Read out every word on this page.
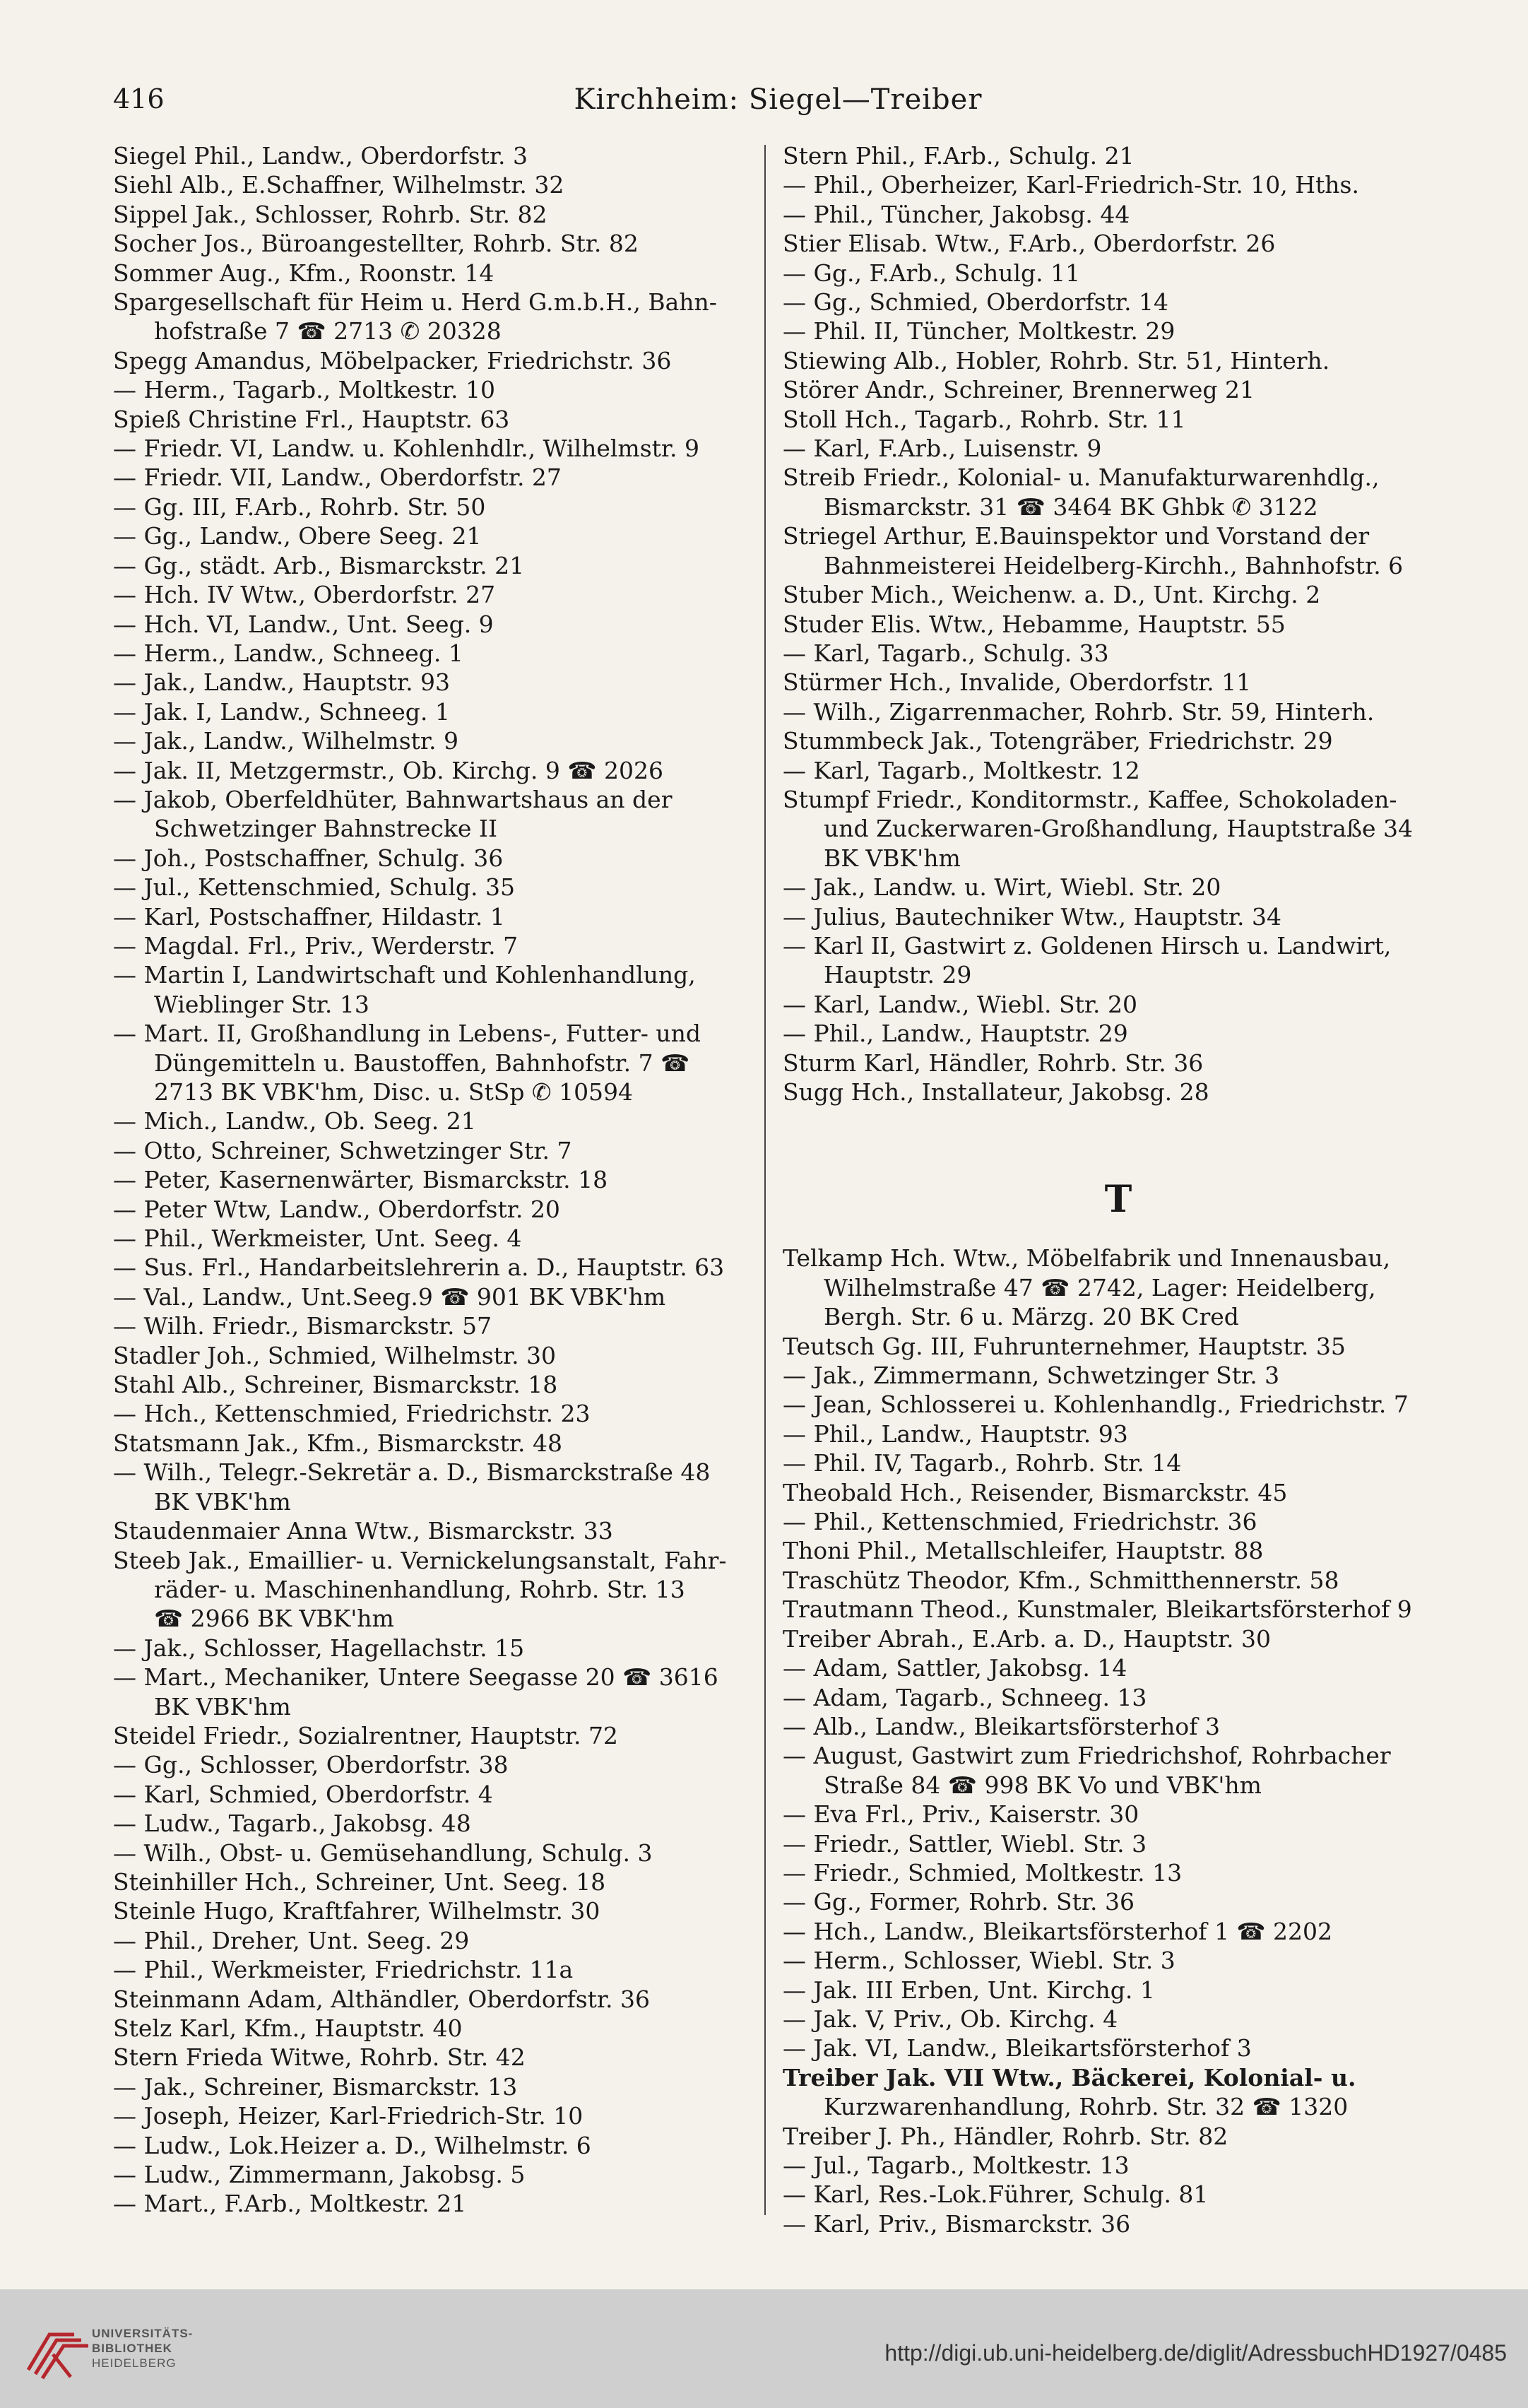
416	Kirchheim: Siegel—Treiber
Siegel Phil., Landw., Oberdorfstr. 3
Siehl Alb., E.Schaffner, Wilhelmstr. 32
Sippel Jak., Schlosser, Rohrb. Str. 82
Socher Jos., Büroangestellter, Rohrb. Str. 82
Sommer Aug., Kfm., Roonstr. 14
Spargesellschaft für Heim u. Herd G.m.b.H., Bahn-
hofstraße 7 ☎ 2713 ✆ 20328
Spegg Amandus, Möbelpacker, Friedrichstr. 36
— Herm., Tagarb., Moltkestr. 10
Spieß Christine Frl., Hauptstr. 63
— Friedr. VI, Landw. u. Kohlenhdlr., Wilhelmstr. 9
— Friedr. VII, Landw., Oberdorfstr. 27
— Gg. III, F.Arb., Rohrb. Str. 50
— Gg., Landw., Obere Seeg. 21
— Gg., städt. Arb., Bismarckstr. 21
— Hch. IV Wtw., Oberdorfstr. 27
— Hch. VI, Landw., Unt. Seeg. 9
— Herm., Landw., Schneeg. 1
— Jak., Landw., Hauptstr. 93
— Jak. I, Landw., Schneeg. 1
— Jak., Landw., Wilhelmstr. 9
— Jak. II, Metzgermstr., Ob. Kirchg. 9 ☎ 2026
— Jakob, Oberfeldhüter, Bahnwartshaus an der
Schwetzinger Bahnstrecke II
— Joh., Postschaffner, Schulg. 36
— Jul., Kettenschmied, Schulg. 35
— Karl, Postschaffner, Hildastr. 1
— Magdal. Frl., Priv., Werderstr. 7
— Martin I, Landwirtschaft und Kohlenhandlung,
Wieblinger Str. 13
— Mart. II, Großhandlung in Lebens-, Futter- und
Düngemitteln u. Baustoffen, Bahnhofstr. 7 ☎
2713 BK VBK'hm, Disc. u. StSp ✆ 10594
— Mich., Landw., Ob. Seeg. 21
— Otto, Schreiner, Schwetzinger Str. 7
— Peter, Kasernenwärter, Bismarckstr. 18
— Peter Wtw, Landw., Oberdorfstr. 20
— Phil., Werkmeister, Unt. Seeg. 4
— Sus. Frl., Handarbeitslehrerin a. D., Hauptstr. 63
— Val., Landw., Unt.Seeg.9 ☎ 901 BK VBK'hm
— Wilh. Friedr., Bismarckstr. 57
Stadler Joh., Schmied, Wilhelmstr. 30
Stahl Alb., Schreiner, Bismarckstr. 18
— Hch., Kettenschmied, Friedrichstr. 23
Statsmann Jak., Kfm., Bismarckstr. 48
— Wilh., Telegr.-Sekretär a. D., Bismarckstraße 48
BK VBK'hm
Staudenmaier Anna Wtw., Bismarckstr. 33
Steeb Jak., Emaillier- u. Vernickelungsanstalt, Fahr-
räder- u. Maschinenhandlung, Rohrb. Str. 13
☎ 2966 BK VBK'hm
— Jak., Schlosser, Hagellachstr. 15
— Mart., Mechaniker, Untere Seegasse 20 ☎ 3616
BK VBK'hm
Steidel Friedr., Sozialrentner, Hauptstr. 72
— Gg., Schlosser, Oberdorfstr. 38
— Karl, Schmied, Oberdorfstr. 4
— Ludw., Tagarb., Jakobsg. 48
— Wilh., Obst- u. Gemüsehandlung, Schulg. 3
Steinhiller Hch., Schreiner, Unt. Seeg. 18
Steinle Hugo, Kraftfahrer, Wilhelmstr. 30
— Phil., Dreher, Unt. Seeg. 29
— Phil., Werkmeister, Friedrichstr. 11a
Steinmann Adam, Althändler, Oberdorfstr. 36
Stelz Karl, Kfm., Hauptstr. 40
Stern Frieda Witwe, Rohrb. Str. 42
— Jak., Schreiner, Bismarckstr. 13
— Joseph, Heizer, Karl-Friedrich-Str. 10
— Ludw., Lok.Heizer a. D., Wilhelmstr. 6
— Ludw., Zimmermann, Jakobsg. 5
— Mart., F.Arb., Moltkestr. 21
Stern Phil., F.Arb., Schulg. 21
— Phil., Oberheizer, Karl-Friedrich-Str. 10, Hths.
— Phil., Tüncher, Jakobsg. 44
Stier Elisab. Wtw., F.Arb., Oberdorfstr. 26
— Gg., F.Arb., Schulg. 11
— Gg., Schmied, Oberdorfstr. 14
— Phil. II, Tüncher, Moltkestr. 29
Stiewing Alb., Hobler, Rohrb. Str. 51, Hinterh.
Störer Andr., Schreiner, Brennerweg 21
Stoll Hch., Tagarb., Rohrb. Str. 11
— Karl, F.Arb., Luisenstr. 9
Streib Friedr., Kolonial- u. Manufakturwarenhdlg.,
Bismarckstr. 31 ☎ 3464 BK Ghbk ✆ 3122
Striegel Arthur, E.Bauinspektor und Vorstand der
Bahnmeisterei Heidelberg-Kirchh., Bahnhofstr. 6
Stuber Mich., Weichenw. a. D., Unt. Kirchg. 2
Studer Elis. Wtw., Hebamme, Hauptstr. 55
— Karl, Tagarb., Schulg. 33
Stürmer Hch., Invalide, Oberdorfstr. 11
— Wilh., Zigarrenmacher, Rohrb. Str. 59, Hinterh.
Stummbeck Jak., Totengräber, Friedrichstr. 29
— Karl, Tagarb., Moltkestr. 12
Stumpf Friedr., Konditormstr., Kaffee, Schokoladen-
und Zuckerwaren-Großhandlung, Hauptstraße 34
BK VBK'hm
— Jak., Landw. u. Wirt, Wiebl. Str. 20
— Julius, Bautechniker Wtw., Hauptstr. 34
— Karl II, Gastwirt z. Goldenen Hirsch u. Landwirt,
Hauptstr. 29
— Karl, Landw., Wiebl. Str. 20
— Phil., Landw., Hauptstr. 29
Sturm Karl, Händler, Rohrb. Str. 36
Sugg Hch., Installateur, Jakobsg. 28
T
Telkamp Hch. Wtw., Möbelfabrik und Innenausbau,
Wilhelmstraße 47 ☎ 2742, Lager: Heidelberg,
Bergh. Str. 6 u. Märzg. 20 BK Cred
Teutsch Gg. III, Fuhrunternehmer, Hauptstr. 35
— Jak., Zimmermann, Schwetzinger Str. 3
— Jean, Schlosserei u. Kohlenhandlg., Friedrichstr. 7
— Phil., Landw., Hauptstr. 93
— Phil. IV, Tagarb., Rohrb. Str. 14
Theobald Hch., Reisender, Bismarckstr. 45
— Phil., Kettenschmied, Friedrichstr. 36
Thoni Phil., Metallschleifer, Hauptstr. 88
Traschütz Theodor, Kfm., Schmitthennerstr. 58
Trautmann Theod., Kunstmaler, Bleikartsförsterhof 9
Treiber Abrah., E.Arb. a. D., Hauptstr. 30
— Adam, Sattler, Jakobsg. 14
— Adam, Tagarb., Schneeg. 13
— Alb., Landw., Bleikartsförsterhof 3
— August, Gastwirt zum Friedrichshof, Rohrbacher
Straße 84 ☎ 998 BK Vo und VBK'hm
— Eva Frl., Priv., Kaiserstr. 30
— Friedr., Sattler, Wiebl. Str. 3
— Friedr., Schmied, Moltkestr. 13
— Gg., Former, Rohrb. Str. 36
— Hch., Landw., Bleikartsförsterhof 1 ☎ 2202
— Herm., Schlosser, Wiebl. Str. 3
— Jak. III Erben, Unt. Kirchg. 1
— Jak. V, Priv., Ob. Kirchg. 4
— Jak. VI, Landw., Bleikartsförsterhof 3
Treiber Jak. VII Wtw., Bäckerei, Kolonial- u.
Kurzwarenhandlung, Rohrb. Str. 32 ☎ 1320
Treiber J. Ph., Händler, Rohrb. Str. 82
— Jul., Tagarb., Moltkestr. 13
— Karl, Res.-Lok.Führer, Schulg. 81
— Karl, Priv., Bismarckstr. 36
UNIVERSITÄTS-
BIBLIOTHEK
HEIDELBERG	http://digi.ub.uni-heidelberg.de/diglit/AdressbuchHD1927/0485
